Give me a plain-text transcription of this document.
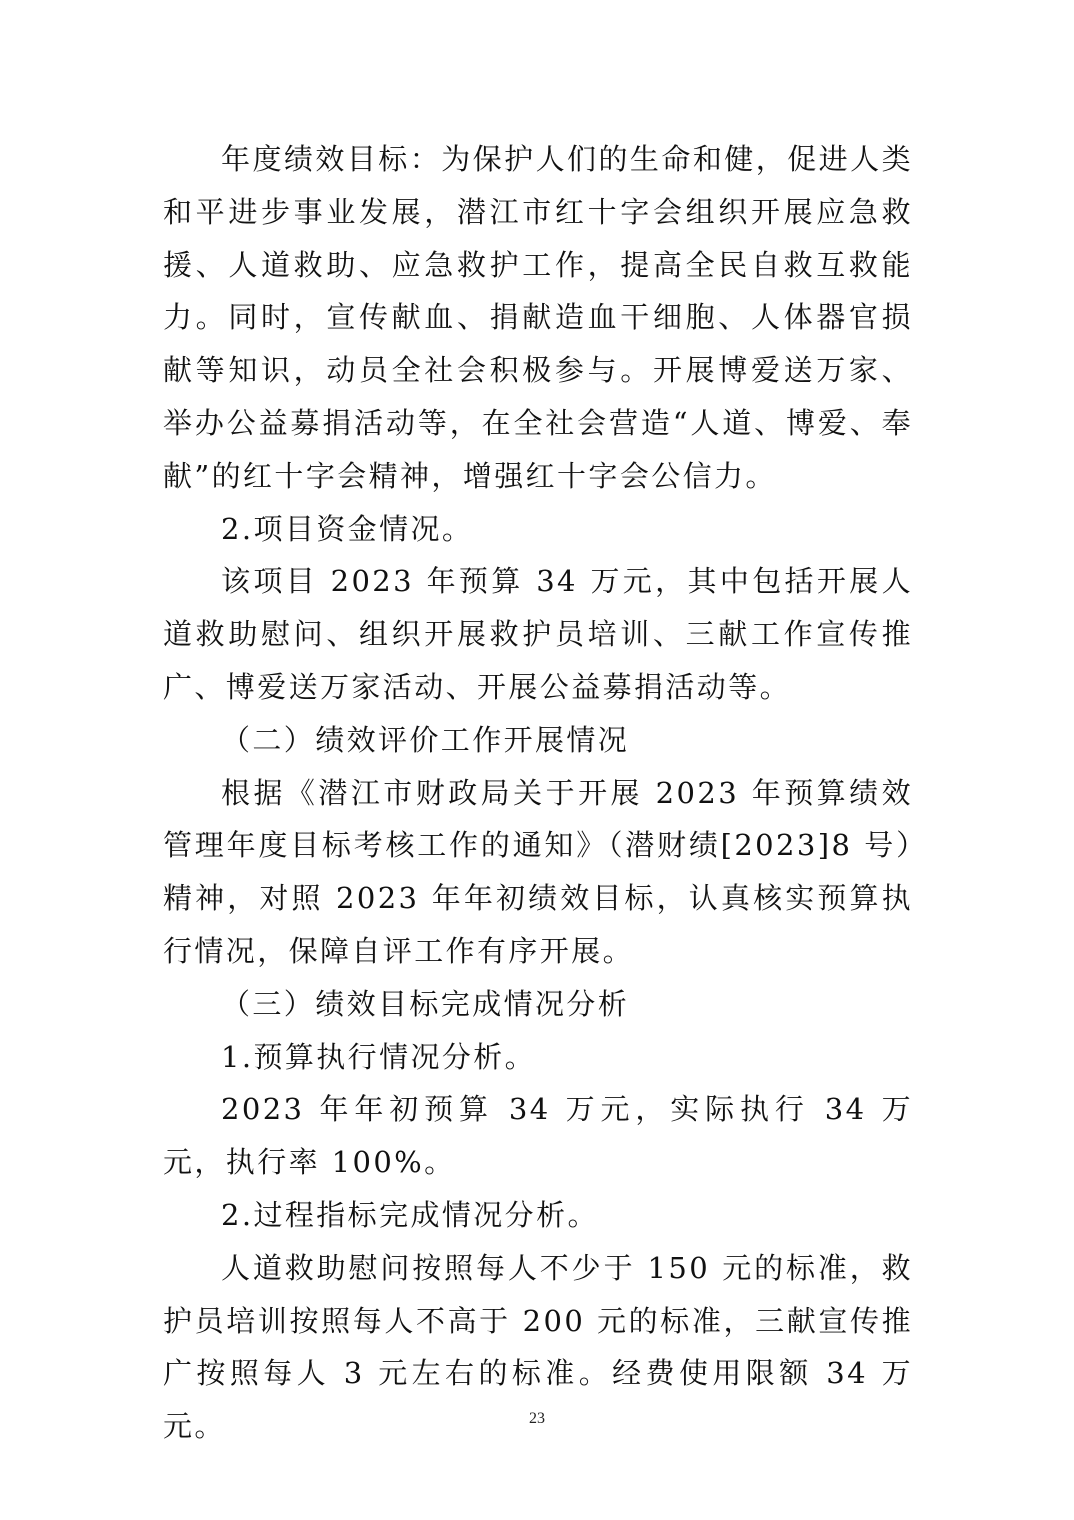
年度绩效目标：为保护人们的生命和健，促进人类和平进步事业发展，潜江市红十字会组织开展应急救援、人道救助、应急救护工作，提高全民自救互救能力。同时，宣传献血、捐献造血干细胞、人体器官损献等知识，动员全社会积极参与。开展博爱送万家、举办公益募捐活动等，在全社会营造“人道、博爱、奉献”的红十字会精神，增强红十字会公信力。

2.项目资金情况。

该项目 2023 年预算 34 万元，其中包括开展人道救助慰问、组织开展救护员培训、三献工作宣传推广、博爱送万家活动、开展公益募捐活动等。

（二）绩效评价工作开展情况

根据《潜江市财政局关于开展 2023 年预算绩效管理年度目标考核工作的通知》（潜财绩[2023]8 号）精神，对照 2023 年年初绩效目标，认真核实预算执行情况，保障自评工作有序开展。

（三）绩效目标完成情况分析

1.预算执行情况分析。

2023 年年初预算 34 万元，实际执行 34 万元，执行率 100%。

2.过程指标完成情况分析。

人道救助慰问按照每人不少于 150 元的标准，救护员培训按照每人不高于 200 元的标准，三献宣传推广按照每人 3 元左右的标准。经费使用限额 34 万元。	23
